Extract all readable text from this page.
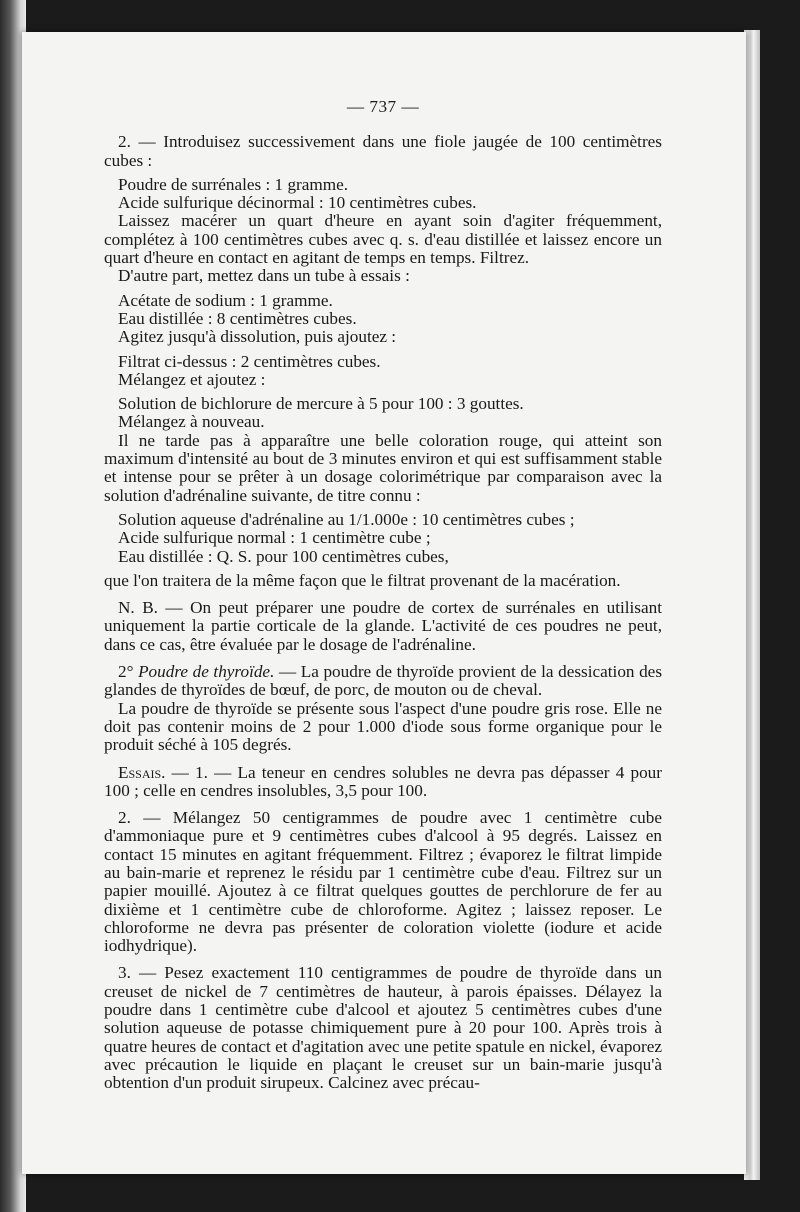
— 737 —

2. — Introduisez successivement dans une fiole jaugée de 100 centimètres cubes :

Poudre de surrénales : 1 gramme.

Acide sulfurique décinormal : 10 centimètres cubes.

Laissez macérer un quart d'heure en ayant soin d'agiter fréquemment, complétez à 100 centimètres cubes avec q. s. d'eau distillée et laissez encore un quart d'heure en contact en agitant de temps en temps. Filtrez.

D'autre part, mettez dans un tube à essais :

Acétate de sodium : 1 gramme.

Eau distillée : 8 centimètres cubes.

Agitez jusqu'à dissolution, puis ajoutez :

Filtrat ci-dessus : 2 centimètres cubes.

Mélangez et ajoutez :

Solution de bichlorure de mercure à 5 pour 100 : 3 gouttes.

Mélangez à nouveau.

Il ne tarde pas à apparaître une belle coloration rouge, qui atteint son maximum d'intensité au bout de 3 minutes environ et qui est suffisamment stable et intense pour se prêter à un dosage colorimétrique par comparaison avec la solution d'adrénaline suivante, de titre connu :

Solution aqueuse d'adrénaline au 1/1.000e : 10 centimètres cubes ;

Acide sulfurique normal : 1 centimètre cube ;

Eau distillée : Q. S. pour 100 centimètres cubes,

que l'on traitera de la même façon que le filtrat provenant de la macération.

N. B. — On peut préparer une poudre de cortex de surrénales en utilisant uniquement la partie corticale de la glande. L'activité de ces poudres ne peut, dans ce cas, être évaluée par le dosage de l'adrénaline.

2° Poudre de thyroïde. — La poudre de thyroïde provient de la dessication des glandes de thyroïdes de bœuf, de porc, de mouton ou de cheval.

La poudre de thyroïde se présente sous l'aspect d'une poudre gris rose. Elle ne doit pas contenir moins de 2 pour 1.000 d'iode sous forme organique pour le produit séché à 105 degrés.

Essais. — 1. — La teneur en cendres solubles ne devra pas dépasser 4 pour 100 ; celle en cendres insolubles, 3,5 pour 100.

2. — Mélangez 50 centigrammes de poudre avec 1 centimètre cube d'ammoniaque pure et 9 centimètres cubes d'alcool à 95 degrés. Laissez en contact 15 minutes en agitant fréquemment. Filtrez ; évaporez le filtrat limpide au bain-marie et reprenez le résidu par 1 centimètre cube d'eau. Filtrez sur un papier mouillé. Ajoutez à ce filtrat quelques gouttes de perchlorure de fer au dixième et 1 centimètre cube de chloroforme. Agitez ; laissez reposer. Le chloroforme ne devra pas présenter de coloration violette (iodure et acide iodhydrique).

3. — Pesez exactement 110 centigrammes de poudre de thyroïde dans un creuset de nickel de 7 centimètres de hauteur, à parois épaisses. Délayez la poudre dans 1 centimètre cube d'alcool et ajoutez 5 centimètres cubes d'une solution aqueuse de potasse chimiquement pure à 20 pour 100. Après trois à quatre heures de contact et d'agitation avec une petite spatule en nickel, évaporez avec précaution le liquide en plaçant le creuset sur un bain-marie jusqu'à obtention d'un produit sirupeux. Calcinez avec précau-
